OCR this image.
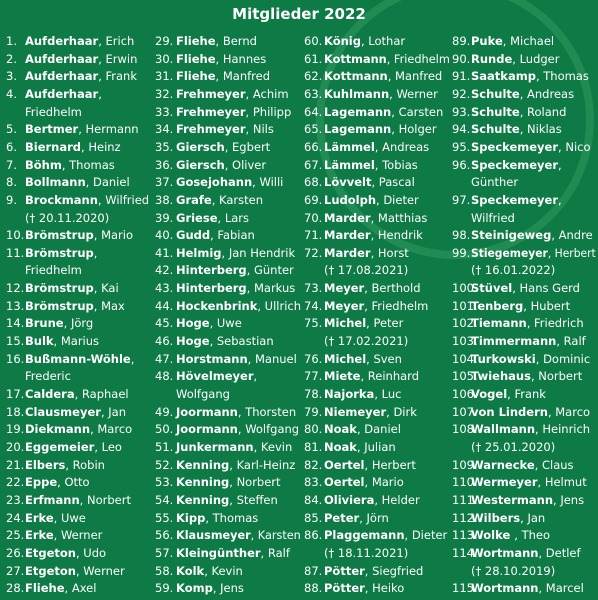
Mitglieder 2022
1. Aufderhaar, Erich
2. Aufderhaar, Erwin
3. Aufderhaar, Frank
4. Aufderhaar,
Friedhelm
5. Bertmer, Hermann
6. Biernard, Heinz
7. Böhm, Thomas
8. Bollmann, Daniel
9. Brockmann, Wilfried
(† 20.11.2020)
10. Brömstrup, Mario
11. Brömstrup,
Friedhelm
12. Brömstrup, Kai
13. Brömstrup, Max
14. Brune, Jörg
15. Bulk, Marius
16. Bußmann-Wöhle,
Frederic
17. Caldera, Raphael
18. Clausmeyer, Jan
19. Diekmann, Marco
20. Eggemeier, Leo
21. Elbers, Robin
22. Eppe, Otto
23. Erfmann, Norbert
24. Erke, Uwe
25. Erke, Werner
26. Etgeton, Udo
27. Etgeton, Werner
28. Fliehe, Axel
29. Fliehe, Bernd
30. Fliehe, Hannes
31. Fliehe, Manfred
32. Frehmeyer, Achim
33. Frehmeyer, Philipp
34. Frehmeyer, Nils
35. Giersch, Egbert
36. Giersch, Oliver
37. Gosejohann, Willi
38. Grafe, Karsten
39. Griese, Lars
40. Gudd, Fabian
41. Helmig, Jan Hendrik
42. Hinterberg, Günter
43. Hinterberg, Markus
44. Hockenbrink, Ullrich
45. Hoge, Uwe
46. Hoge, Sebastian
47. Horstmann, Manuel
48. Hövelmeyer,
Wolfgang
49. Joormann, Thorsten
50. Joormann, Wolfgang
51. Junkermann, Kevin
52. Kenning, Karl-Heinz
53. Kenning, Norbert
54. Kenning, Steffen
55. Kipp, Thomas
56. Klausmeyer, Karsten
57. Kleingünther, Ralf
58. Kolk, Kevin
59. Komp, Jens
60. König, Lothar
61. Kottmann, Friedhelm
62. Kottmann, Manfred
63. Kuhlmann, Werner
64. Lagemann, Carsten
65. Lagemann, Holger
66. Lämmel, Andreas
67. Lämmel, Tobias
68. Lövvelt, Pascal
69. Ludolph, Dieter
70. Marder, Matthias
71. Marder, Hendrik
72. Marder, Horst
(† 17.08.2021)
73. Meyer, Berthold
74. Meyer, Friedhelm
75. Michel, Peter
(† 17.02.2021)
76. Michel, Sven
77. Miete, Reinhard
78. Najorka, Luc
79. Niemeyer, Dirk
80. Noak, Daniel
81. Noak, Julian
82. Oertel, Herbert
83. Oertel, Mario
84. Oliviera, Helder
85. Peter, Jörn
86. Plaggemann, Dieter
(† 18.11.2021)
87. Pötter, Siegfried
88. Pötter, Heiko
89. Puke, Michael
90. Runde, Ludger
91. Saatkamp, Thomas
92. Schulte, Andreas
93. Schulte, Roland
94. Schulte, Niklas
95. Speckemeyer, Nico
96. Speckemeyer,
Günther
97. Speckemeyer,
Wilfried
98. Steinigeweg, Andre
99. Stiegemeyer, Herbert
(† 16.01.2022)
100.
Stüvel, Hans Gerd
101.
Tenberg, Hubert
102.
Tiemann, Friedrich
103.
Timmermann, Ralf
104.
Turkowski, Dominic
105.
Twiehaus, Norbert
106.
Vogel, Frank
107.
von Lindern, Marco
108.
Wallmann, Heinrich
(† 25.01.2020)
109.
Warnecke, Claus
110.
Wermeyer, Helmut
111.
Westermann, Jens
112.
Wilbers, Jan
113.
Wolke , Theo
114.
Wortmann, Detlef
(† 28.10.2019)
115.
Wortmann, Marcel
